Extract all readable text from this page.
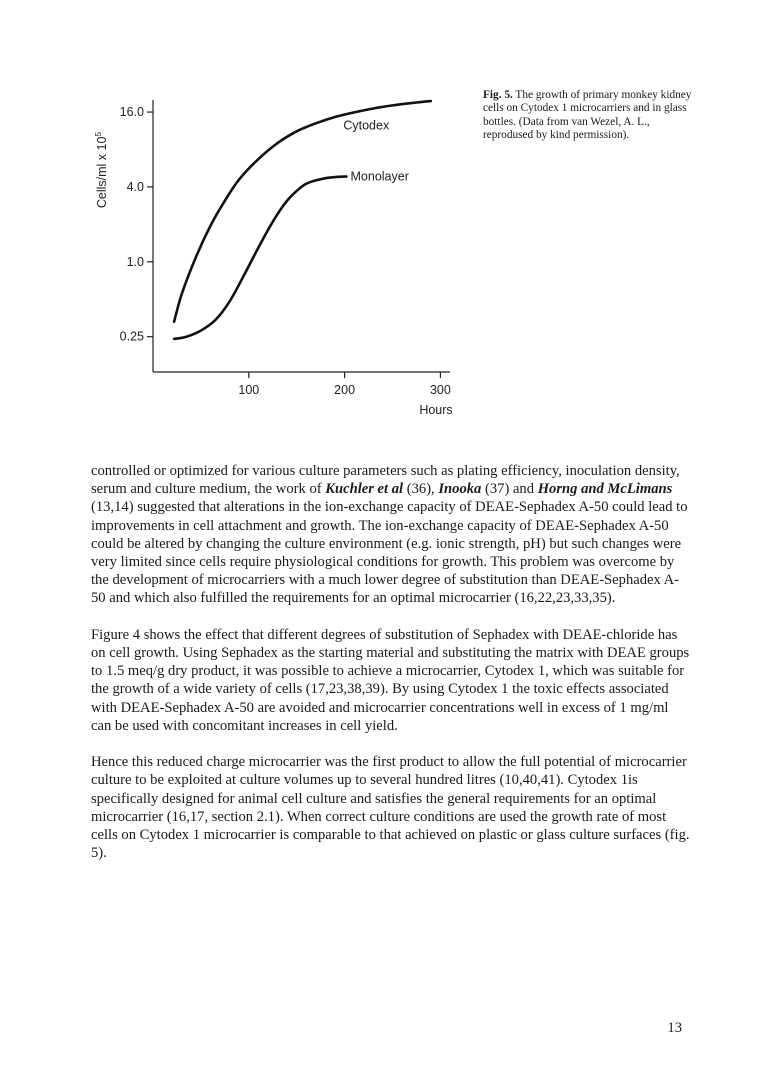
Cells/ml x $10^5$
0.25
1.0
4.0
16.0
100	200	300
Hours
Cytodex
Monolayer
Fig. 5. The growth of primary monkey kidney cells on Cytodex 1 microcarriers and in glass bottles. (Data from van Wezel, A. L., reprodused by kind permission).

controlled or optimized for various culture parameters such as plating efficiency, inoculation density, serum and culture medium, the work of Kuchler et al (36), Inooka (37) and Horng and McLimans (13,14) suggested that alterations in the ion-exchange capacity of DEAE-Sephadex A-50 could lead to improvements in cell attachment and growth. The ion-exchange capacity of DEAE-Sephadex A-50 could be altered by changing the culture environment (e.g. ionic strength, pH) but such changes were very limited since cells require physiological conditions for growth. This problem was overcome by the development of microcarriers with a much lower degree of substitution than DEAE-Sephadex A-50 and which also fulfilled the requirements for an optimal microcarrier (16,22,23,33,35).

Figure 4 shows the effect that different degrees of substitution of Sephadex with DEAE-chloride has on cell growth. Using Sephadex as the starting material and substituting the matrix with DEAE groups to 1.5 meq/g dry product, it was possible to achieve a microcarrier, Cytodex 1, which was suitable for the growth of a wide variety of cells (17,23,38,39). By using Cytodex 1 the toxic effects associated with DEAE-Sephadex A-50 are avoided and microcarrier concentrations well in excess of 1 mg/ml can be used with concomitant increases in cell yield.

Hence this reduced charge microcarrier was the first product to allow the full potential of microcarrier culture to be exploited at culture volumes up to several hundred litres (10,40,41). Cytodex 1is specifically designed for animal cell culture and satisfies the general requirements for an optimal microcarrier (16,17, section 2.1). When correct culture conditions are used the growth rate of most cells on Cytodex 1 microcarrier is comparable to that achieved on plastic or glass culture surfaces (fig. 5).

13
